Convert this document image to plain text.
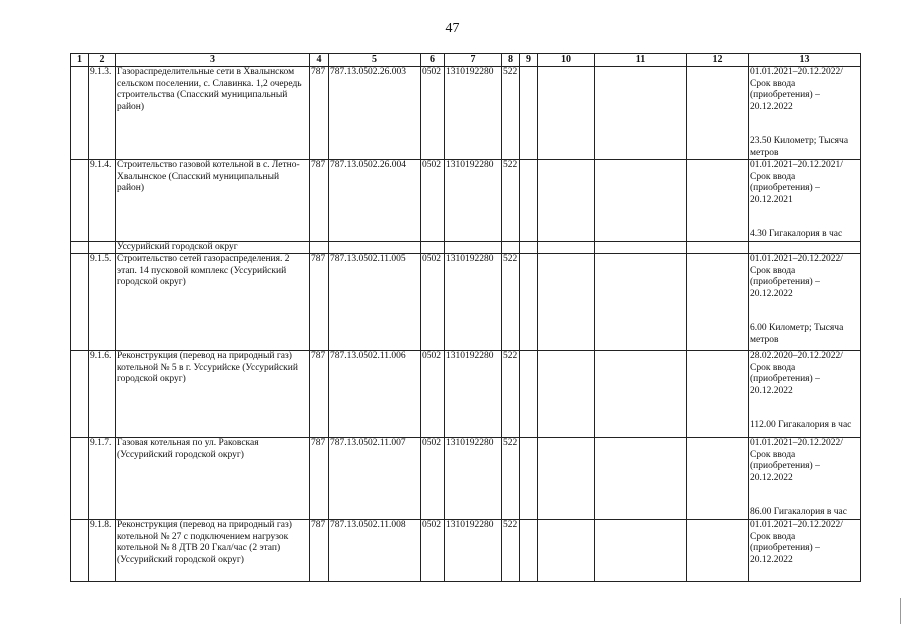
47
1	2	3	4	5	6	7	8	9	10	11	12	13
	9.1.3.	Газораспределительные сети в Хвалынском сельском поселении, с. Славинка. 1,2 очередь строительства (Спасский муниципальный район)	787	787.13.0502.26.003	0502	1310192280	522					01.01.2021–20.12.2022/ Срок ввода (приобретения) – 20.12.2022
23.50 Километр; Тысяча метров

	9.1.4.	Строительство газовой котельной в с. Летно-Хвалынское (Спасский муниципальный район)	787	787.13.0502.26.004	0502	1310192280	522					01.01.2021–20.12.2021/ Срок ввода (приобретения) – 20.12.2021
4.30 Гигакалория в час

		Уссурийский городской округ										
	9.1.5.	Строительство сетей газораспределения. 2 этап. 14 пусковой комплекс (Уссурийский городской округ)	787	787.13.0502.11.005	0502	1310192280	522					01.01.2021–20.12.2022/ Срок ввода (приобретения) – 20.12.2022
6.00 Километр; Тысяча метров

	9.1.6.	Реконструкция (перевод на природный газ) котельной № 5 в г. Уссурийске (Уссурийский городской округ)	787	787.13.0502.11.006	0502	1310192280	522					28.02.2020–20.12.2022/ Срок ввода (приобретения) – 20.12.2022
112.00 Гигакалория в час

	9.1.7.	Газовая котельная по ул. Раковская (Уссурийский городской округ)	787	787.13.0502.11.007	0502	1310192280	522					01.01.2021–20.12.2022/ Срок ввода (приобретения) – 20.12.2022
86.00 Гигакалория в час

	9.1.8.	Реконструкция (перевод на природный газ) котельной № 27 с подключением нагрузок котельной № 8 ДТВ 20 Гкал/час (2 этап) (Уссурийский городской округ)	787	787.13.0502.11.008	0502	1310192280	522					01.01.2021–20.12.2022/ Срок ввода (приобретения) – 20.12.2022
